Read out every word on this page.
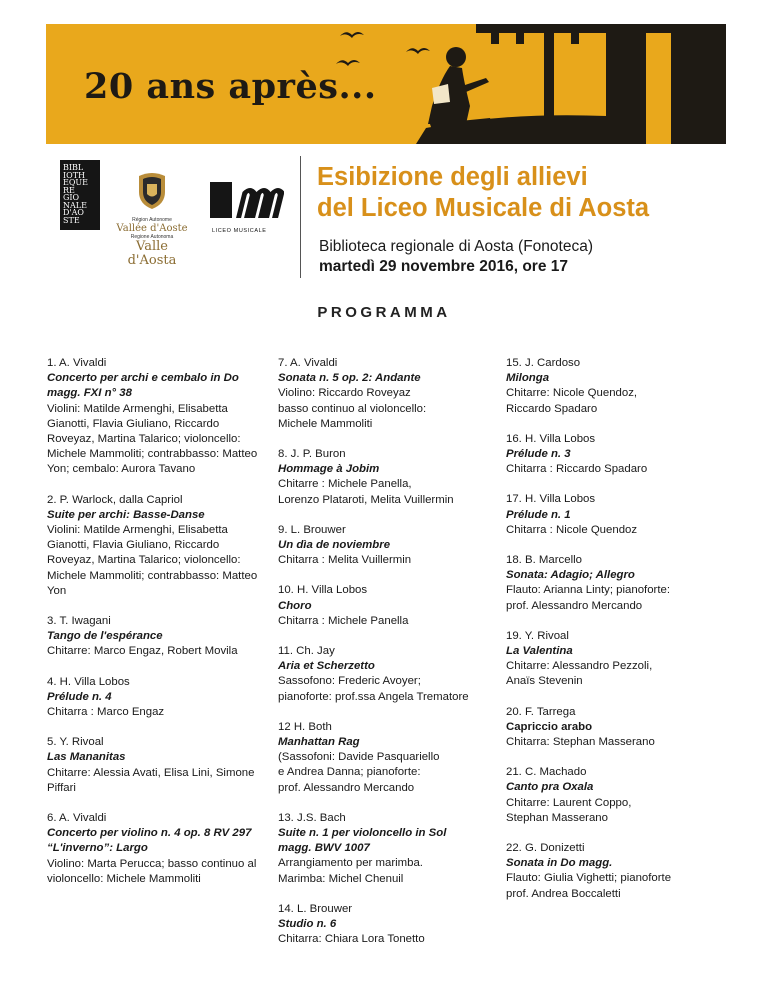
20 ans après...
BIBL
IOTH
EQUE
RE
GIO
NALE
D'AO
STE	Région Autonome
Vallée d'Aoste
Regione Autonoma
Valle d'Aosta
LICEO MUSICALE
Esibizione degli allievi
del Liceo Musicale di Aosta
Biblioteca regionale di Aosta (Fonoteca)
martedì 29 novembre 2016, ore 17
PROGRAMMA
1. A. Vivaldi
Concerto per archi e cembalo in Do magg. FXI n° 38
Violini: Matilde Armenghi, Elisabetta Gianotti, Flavia Giuliano, Riccardo Roveyaz, Martina Talarico; violoncello: Michele Mammoliti; contrabbasso: Matteo Yon; cembalo: Aurora Tavano
2. P. Warlock, dalla Capriol
Suite per archi: Basse-Danse
Violini: Matilde Armenghi, Elisabetta Gianotti, Flavia Giuliano, Riccardo Roveyaz, Martina Talarico; violoncello: Michele Mammoliti; contrabbasso: Matteo Yon
3. T. Iwagani
Tango de l'espérance
Chitarre: Marco Engaz, Robert Movila
4. H. Villa Lobos
Prélude n. 4
Chitarra : Marco Engaz
5. Y. Rivoal
Las Mananitas
Chitarre: Alessia Avati, Elisa Lini, Simone Piffari
6. A. Vivaldi
Concerto per violino n. 4 op. 8 RV 297 “L'inverno”: Largo
Violino: Marta Perucca; basso continuo al violoncello: Michele Mammoliti
7. A. Vivaldi
Sonata n. 5 op. 2: Andante
Violino: Riccardo Roveyaz
basso continuo al violoncello:
Michele Mammoliti
8. J. P. Buron
Hommage à Jobim
Chitarre : Michele Panella,
Lorenzo Plataroti, Melita Vuillermin
9. L. Brouwer
Un dìa de noviembre
Chitarra : Melita Vuillermin
10. H. Villa Lobos
Choro
Chitarra : Michele Panella
11. Ch. Jay
Aria et Scherzetto
Sassofono: Frederic Avoyer;
pianoforte: prof.ssa Angela Trematore
12 H. Both
Manhattan Rag
(Sassofoni: Davide Pasquariello
e Andrea Danna; pianoforte:
prof. Alessandro Mercando
13. J.S. Bach
Suite n. 1 per violoncello in Sol magg. BWV 1007
Arrangiamento per marimba.
Marimba: Michel Chenuil
14. L. Brouwer
Studio n. 6
Chitarra: Chiara Lora Tonetto
15. J. Cardoso
Milonga
Chitarre: Nicole Quendoz,
Riccardo Spadaro
16. H. Villa Lobos
Prélude n. 3
Chitarra : Riccardo Spadaro
17. H. Villa Lobos
Prélude n. 1
Chitarra : Nicole Quendoz
18. B. Marcello
Sonata: Adagio; Allegro
Flauto: Arianna Linty; pianoforte:
prof. Alessandro Mercando
19. Y. Rivoal
La Valentina
Chitarre: Alessandro Pezzoli,
Anaïs Stevenin
20. F. Tarrega
Capriccio arabo
Chitarra: Stephan Masserano
21. C. Machado
Canto pra Oxala
Chitarre: Laurent Coppo,
Stephan Masserano
22. G. Donizetti
Sonata in Do magg.
Flauto: Giulia Vighetti; pianoforte
prof. Andrea Boccaletti
